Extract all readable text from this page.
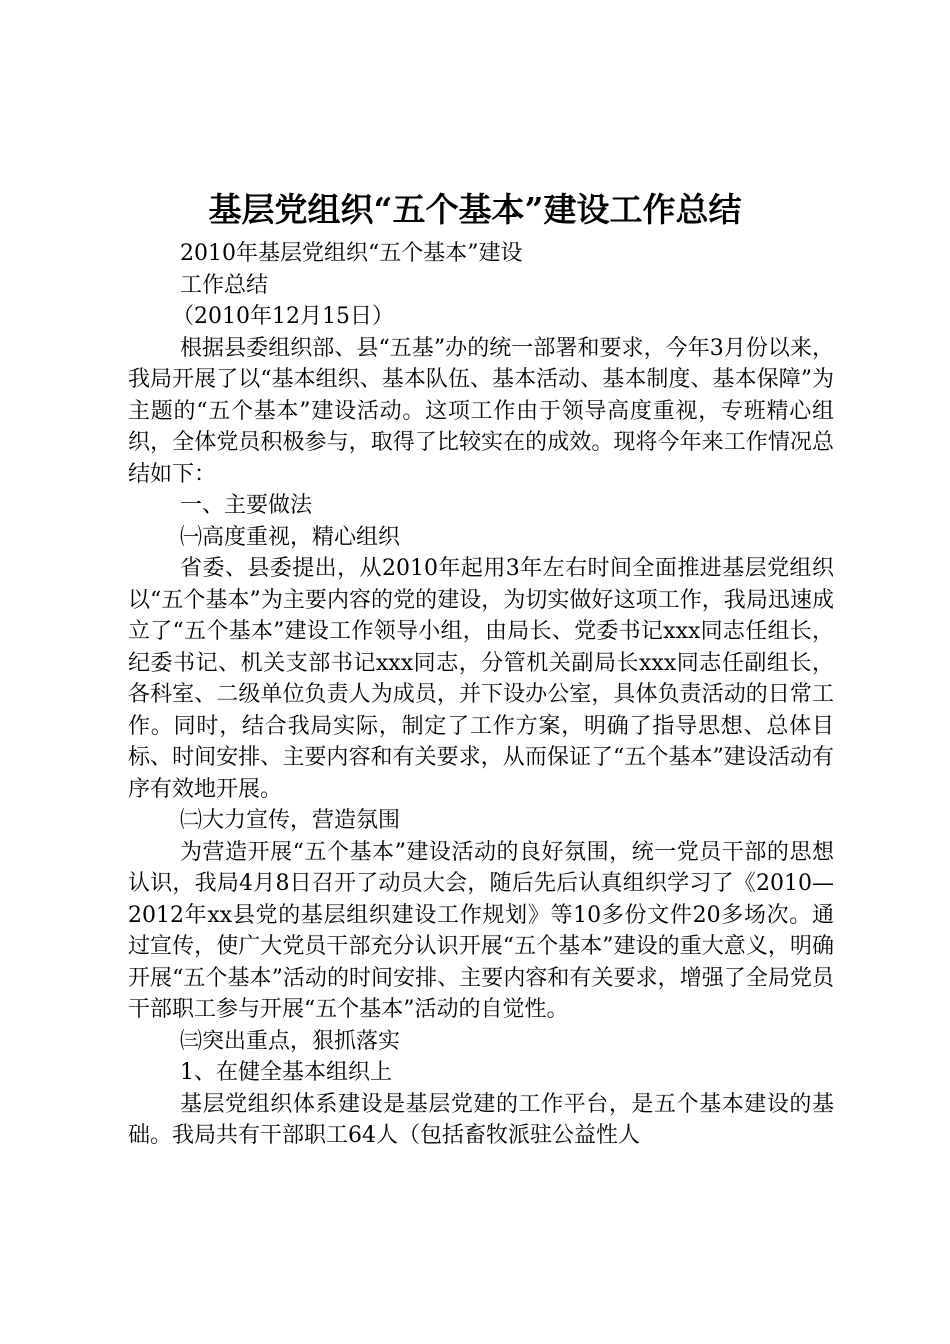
基层党组织“五个基本”建设工作总结

2010年基层党组织“五个基本”建设

工作总结

（2010年12月15日）

根据县委组织部、县“五基”办的统一部署和要求，今年3月份以来，我局开展了以“基本组织、基本队伍、基本活动、基本制度、基本保障”为主题的“五个基本”建设活动。这项工作由于领导高度重视，专班精心组织，全体党员积极参与，取得了比较实在的成效。现将今年来工作情况总结如下：

一、主要做法

㈠高度重视，精心组织

省委、县委提出，从2010年起用3年左右时间全面推进基层党组织以“五个基本”为主要内容的党的建设，为切实做好这项工作，我局迅速成立了“五个基本”建设工作领导小组，由局长、党委书记xxx同志任组长，纪委书记、机关支部书记xxx同志，分管机关副局长xxx同志任副组长，各科室、二级单位负责人为成员，并下设办公室，具体负责活动的日常工作。同时，结合我局实际，制定了工作方案，明确了指导思想、总体目标、时间安排、主要内容和有关要求，从而保证了“五个基本”建设活动有序有效地开展。

㈡大力宣传，营造氛围

为营造开展“五个基本”建设活动的良好氛围，统一党员干部的思想认识，我局4月8日召开了动员大会，随后先后认真组织学习了《2010—2012年xx县党的基层组织建设工作规划》等10多份文件20多场次。通过宣传，使广大党员干部充分认识开展“五个基本”建设的重大意义，明确开展“五个基本”活动的时间安排、主要内容和有关要求，增强了全局党员干部职工参与开展“五个基本”活动的自觉性。

㈢突出重点，狠抓落实

1、在健全基本组织上

基层党组织体系建设是基层党建的工作平台，是五个基本建设的基础。我局共有干部职工64人（包括畜牧派驻公益性人
